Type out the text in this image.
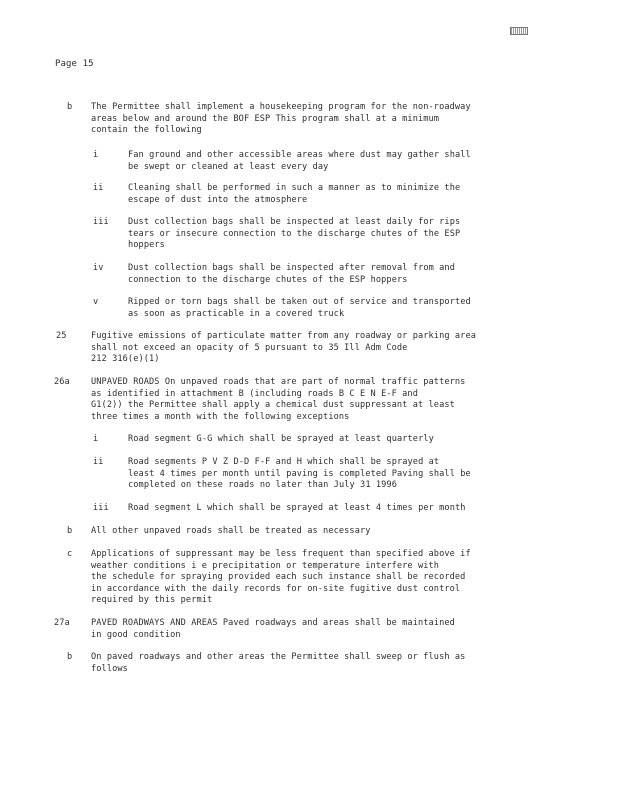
Page 15
b The Permittee shall implement a housekeeping program for the non-roadway
areas below and around the BOF ESP This program shall at a minimum
contain the following
i	Fan ground and other accessible areas where dust may gather shall
be swept or cleaned at least every day
ii	Cleaning shall be performed in such a manner as to minimize the
escape of dust into the atmosphere
iii Dust collection bags shall be inspected at least daily for rips
tears or insecure connection to the discharge chutes of the ESP
hoppers
iv	Dust collection bags shall be inspected after removal from and
connection to the discharge chutes of the ESP hoppers
v	Ripped or torn bags shall be taken out of service and transported
as soon as practicable in a covered truck
25	Fugitive emissions of particulate matter from any roadway or parking area
shall not exceed an opacity of 5 pursuant to 35 Ill Adm Code
212 316(e)(1)
26a UNPAVED ROADS On unpaved roads that are part of normal traffic patterns
as identified in attachment B (including roads B C E N E-F and
G1(2)) the Permittee shall apply a chemical dust suppressant at least
three times a month with the following exceptions
i	Road segment G-G which shall be sprayed at least quarterly
ii	Road segments P V Z D-D F-F and H which shall be sprayed at
least 4 times per month until paving is completed Paving shall be
completed on these roads no later than July 31 1996
iii Road segment L which shall be sprayed at least 4 times per month
b All other unpaved roads shall be treated as necessary
c Applications of suppressant may be less frequent than specified above if
weather conditions i e precipitation or temperature interfere with
the schedule for spraying provided each such instance shall be recorded
in accordance with the daily records for on-site fugitive dust control
required by this permit
27a PAVED ROADWAYS AND AREAS Paved roadways and areas shall be maintained
in good condition
b On paved roadways and other areas the Permittee shall sweep or flush as
follows
